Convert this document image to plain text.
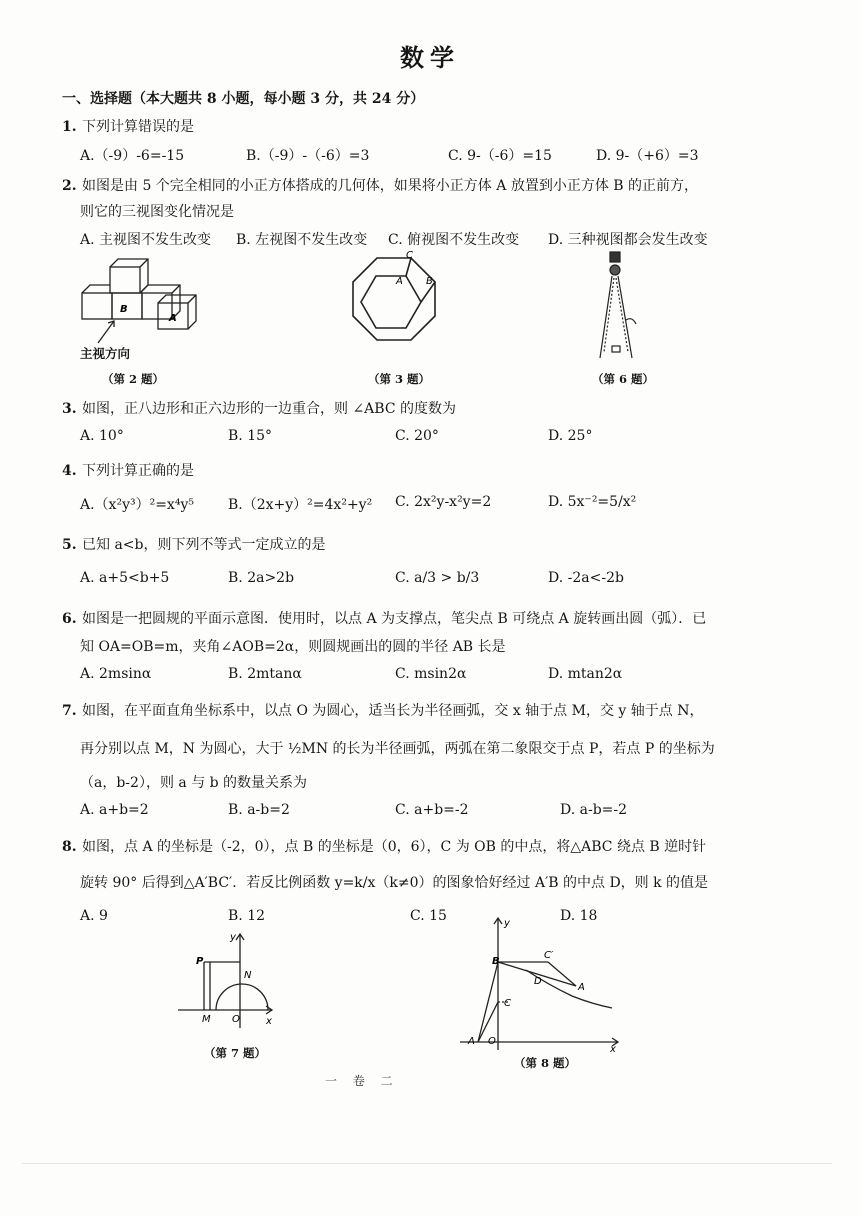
数学
一、选择题（本大题共 8 小题，每小题 3 分，共 24 分）
1. 下列计算错误的是
A.（-9）-6=-15	B.（-9）-（-6）=3	C. 9-（-6）=15	D. 9-（+6）=3
2. 如图是由 5 个完全相同的小正方体搭成的几何体，如果将小正方体 A 放置到小正方体 B 的正前方，
则它的三视图变化情况是
A. 主视图不发生改变 B. 左视图不发生改变 C. 俯视图不发生改变 D. 三种视图都会发生改变
B
A
主视方向
（第 2 题）
C
A B
（第 3 题）	（第 6 题）
3. 如图，正八边形和正六边形的一边重合，则 ∠ABC 的度数为
A. 10°	B. 15°	C. 20°	D. 25°
4. 下列计算正确的是
A.（x²y³）²=x⁴y⁵ B.（2x+y）²=4x²+y² C. 2x²y-x²y=2	D. 5x⁻²=5/x²
5. 已知 a<b，则下列不等式一定成立的是
A. a+5<b+5	B. 2a>2b	C. a/3 > b/3	D. -2a<-2b
6. 如图是一把圆规的平面示意图．使用时，以点 A 为支撑点，笔尖点 B 可绕点 A 旋转画出圆（弧）．已
知 OA=OB=m，夹角∠AOB=2α，则圆规画出的圆的半径 AB 长是
A. 2msinα	B. 2mtanα	C. msin2α	D. mtan2α
7. 如图，在平面直角坐标系中，以点 O 为圆心，适当长为半径画弧，交 x 轴于点 M，交 y 轴于点 N，
再分别以点 M，N 为圆心，大于 ½MN 的长为半径画弧，两弧在第二象限交于点 P，若点 P 的坐标为
（a，b-2），则 a 与 b 的数量关系为
A. a+b=2	B. a-b=2	C. a+b=-2	D. a-b=-2
8. 如图，点 A 的坐标是（-2，0），点 B 的坐标是（0，6），C 为 OB 的中点，将△ABC 绕点 B 逆时针
旋转 90° 后得到△A′BC′．若反比例函数 y=k/x（k≠0）的图象恰好经过 A′B 的中点 D，则 k 的值是
A. 9	B. 12	C. 15	D. 18
P
N
M O	x
y
（第 7 题）
B
C′
D
A
C
A O
x
y
（第 8 题）
一 卷 二
